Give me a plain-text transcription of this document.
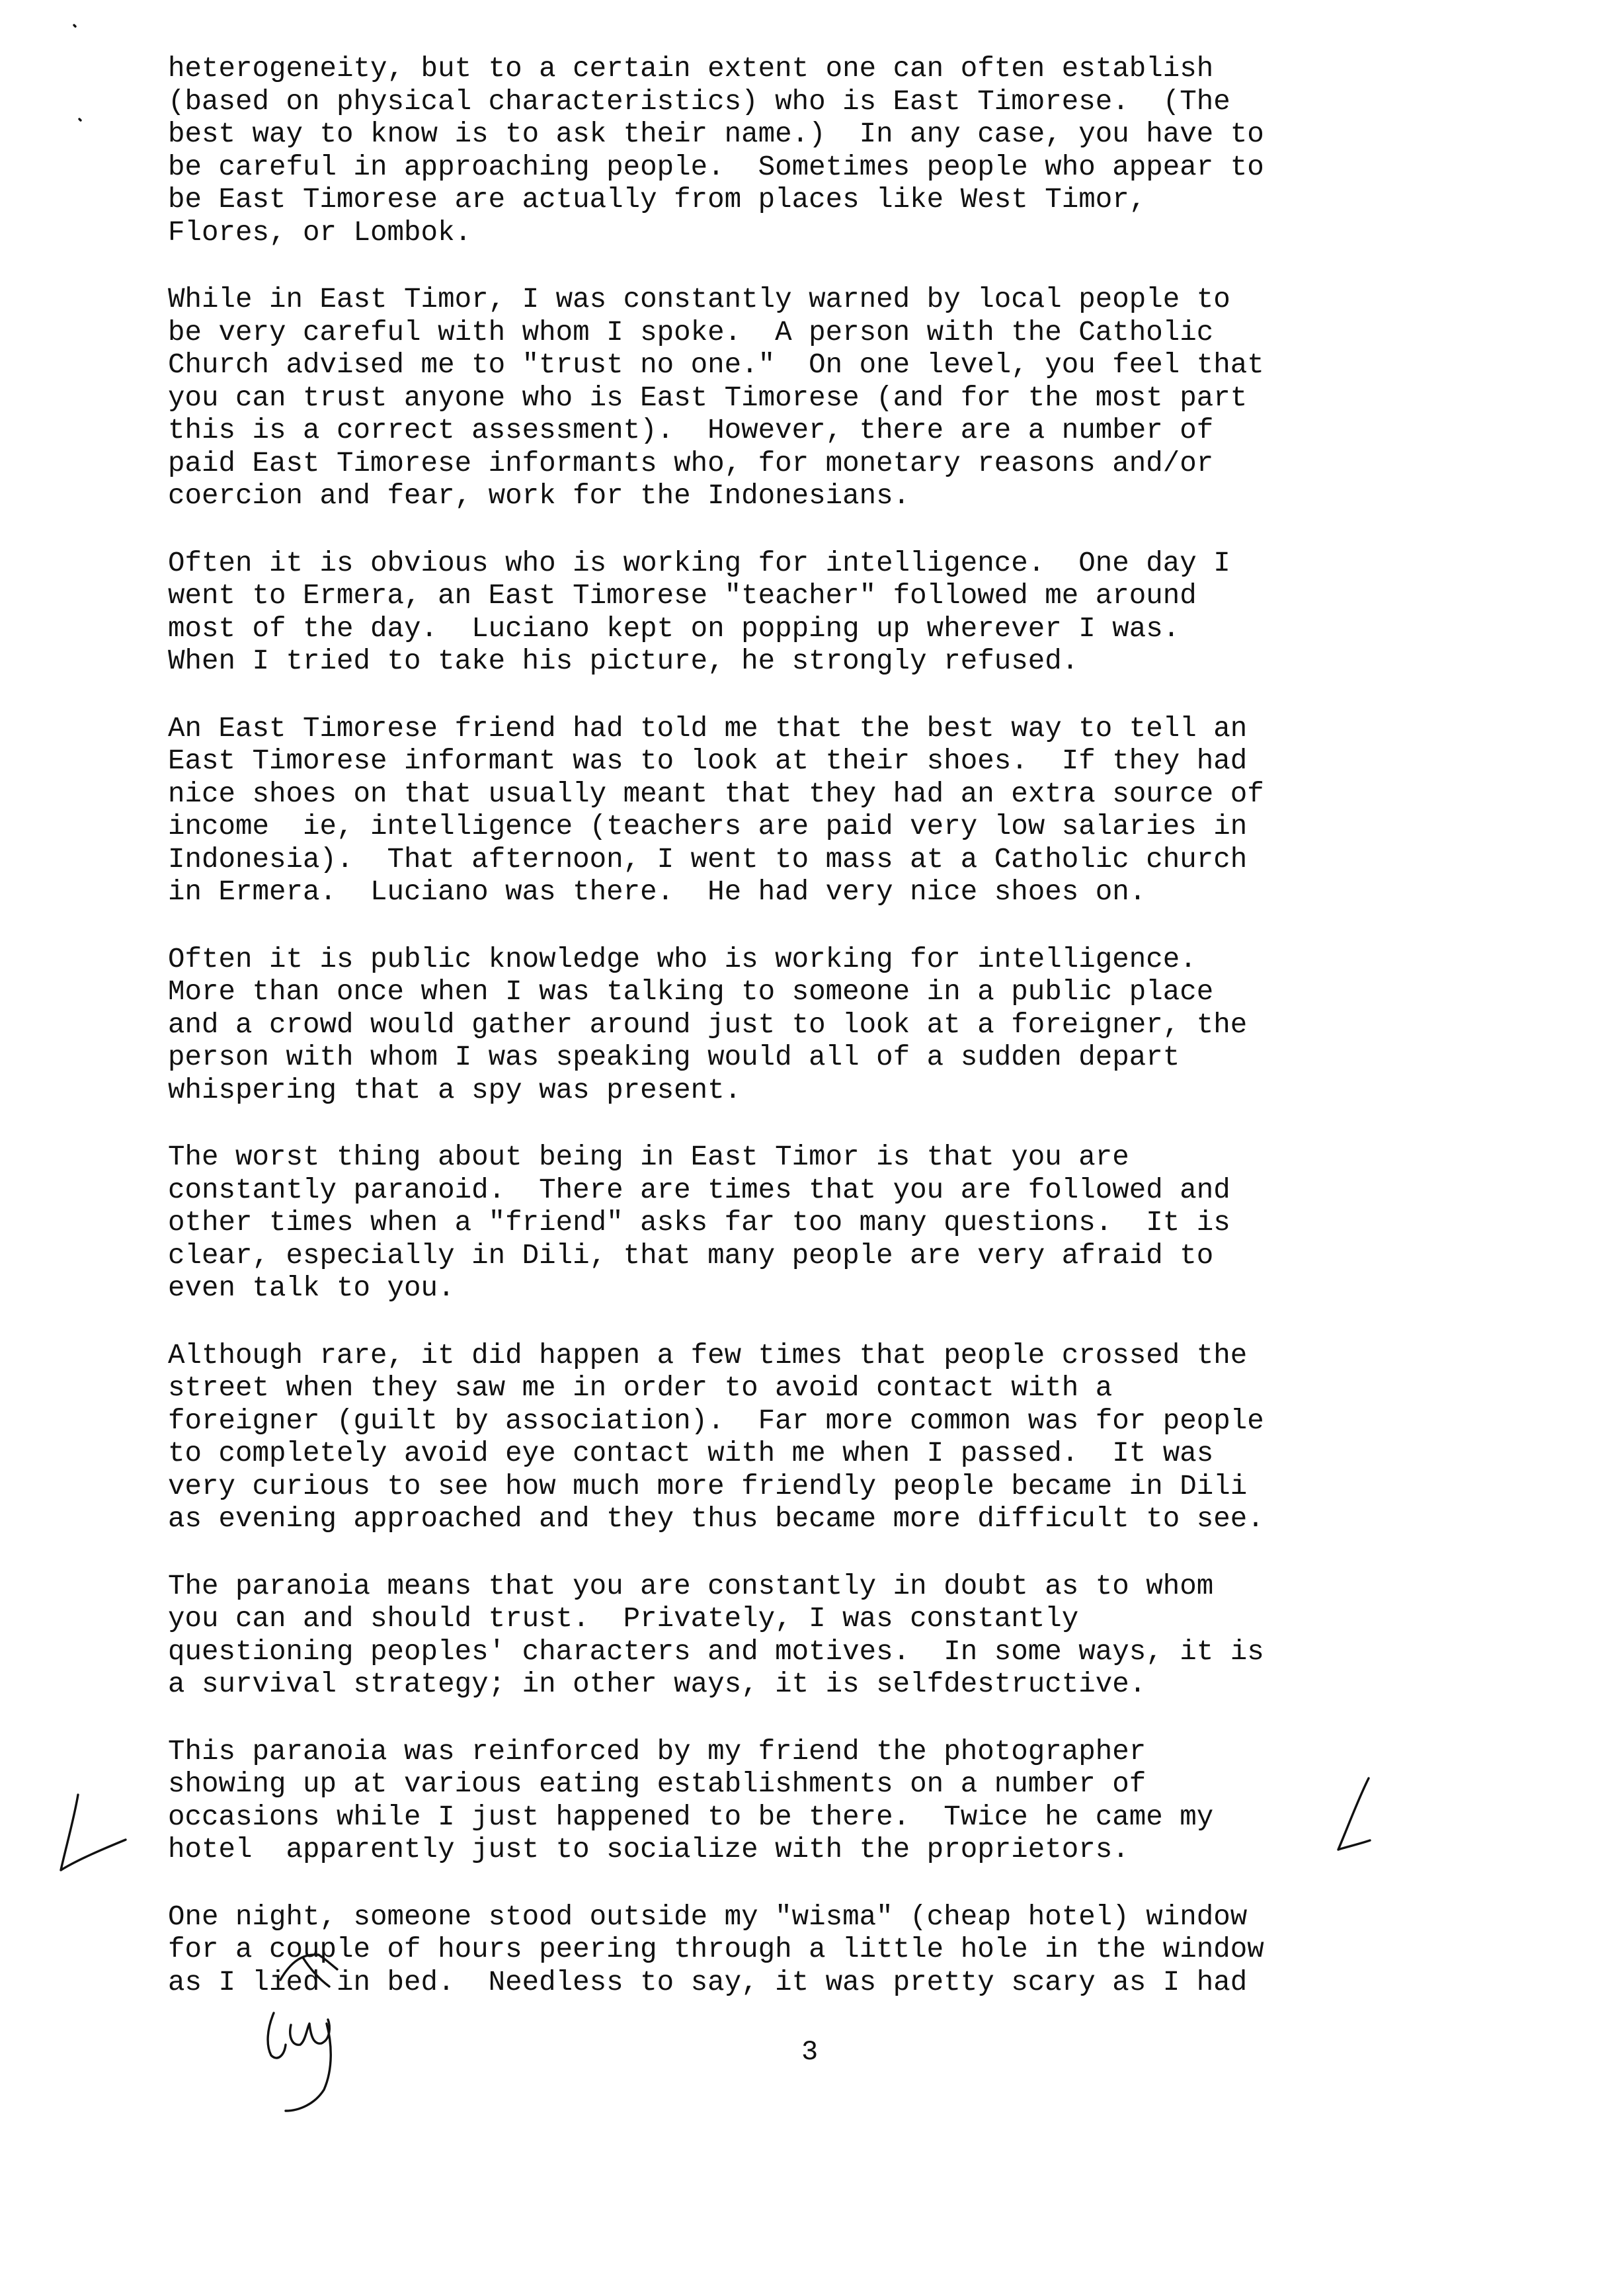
heterogeneity, but to a certain extent one can often establish
(based on physical characteristics) who is East Timorese.  (The
best way to know is to ask their name.)  In any case, you have to
be careful in approaching people.  Sometimes people who appear to
be East Timorese are actually from places like West Timor,
Flores, or Lombok.
While in East Timor, I was constantly warned by local people to
be very careful with whom I spoke.  A person with the Catholic
Church advised me to "trust no one."  On one level, you feel that
you can trust anyone who is East Timorese (and for the most part
this is a correct assessment).  However, there are a number of
paid East Timorese informants who, for monetary reasons and/or
coercion and fear, work for the Indonesians.
Often it is obvious who is working for intelligence.  One day I
went to Ermera, an East Timorese "teacher" followed me around
most of the day.  Luciano kept on popping up wherever I was.
When I tried to take his picture, he strongly refused.
An East Timorese friend had told me that the best way to tell an
East Timorese informant was to look at their shoes.  If they had
nice shoes on that usually meant that they had an extra source of
income  ie, intelligence (teachers are paid very low salaries in
Indonesia).  That afternoon, I went to mass at a Catholic church
in Ermera.  Luciano was there.  He had very nice shoes on.
Often it is public knowledge who is working for intelligence.
More than once when I was talking to someone in a public place
and a crowd would gather around just to look at a foreigner, the
person with whom I was speaking would all of a sudden depart
whispering that a spy was present.
The worst thing about being in East Timor is that you are
constantly paranoid.  There are times that you are followed and
other times when a "friend" asks far too many questions.  It is
clear, especially in Dili, that many people are very afraid to
even talk to you.
Although rare, it did happen a few times that people crossed the
street when they saw me in order to avoid contact with a
foreigner (guilt by association).  Far more common was for people
to completely avoid eye contact with me when I passed.  It was
very curious to see how much more friendly people became in Dili
as evening approached and they thus became more difficult to see.
The paranoia means that you are constantly in doubt as to whom
you can and should trust.  Privately, I was constantly
questioning peoples' characters and motives.  In some ways, it is
a survival strategy; in other ways, it is selfdestructive.
This paranoia was reinforced by my friend the photographer
showing up at various eating establishments on a number of
occasions while I just happened to be there.  Twice he came my
hotel  apparently just to socialize with the proprietors.
One night, someone stood outside my "wisma" (cheap hotel) window
for a couple of hours peering through a little hole in the window
as I lied in bed.  Needless to say, it was pretty scary as I had
3
